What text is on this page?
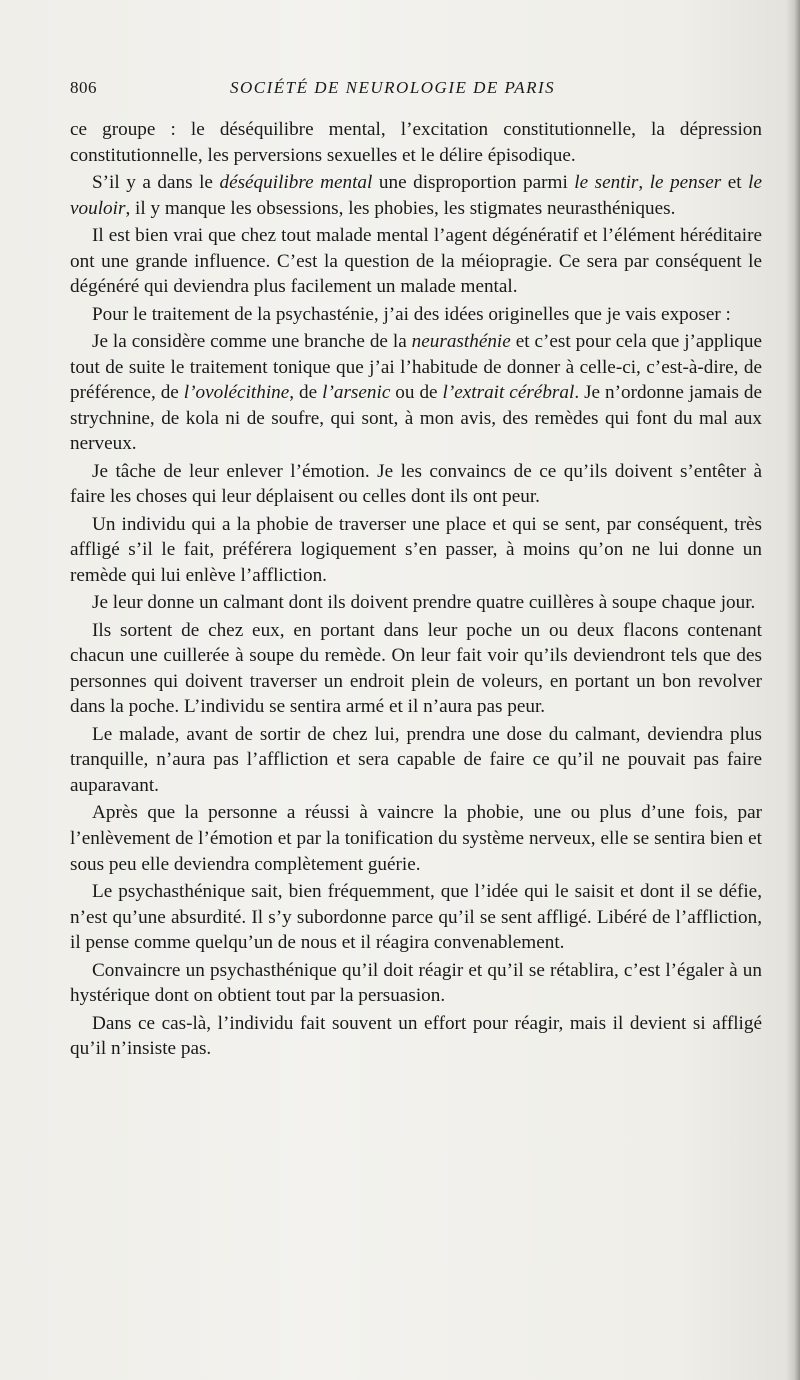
806	SOCIÉTÉ DE NEUROLOGIE DE PARIS

ce groupe : le déséquilibre mental, l’excitation constitutionnelle, la dépression constitutionnelle, les perversions sexuelles et le délire épisodique.

S’il y a dans le déséquilibre mental une disproportion parmi le sentir, le penser et le vouloir, il y manque les obsessions, les phobies, les stigmates neurasthéniques.

Il est bien vrai que chez tout malade mental l’agent dégénératif et l’élément héréditaire ont une grande influence. C’est la question de la méiopragie. Ce sera par conséquent le dégénéré qui deviendra plus facilement un malade mental.

Pour le traitement de la psychasténie, j’ai des idées originelles que je vais exposer :

Je la considère comme une branche de la neurasthénie et c’est pour cela que j’applique tout de suite le traitement tonique que j’ai l’habitude de donner à celle-ci, c’est-à-dire, de préférence, de l’ovolécithine, de l’arsenic ou de l’extrait cérébral. Je n’ordonne jamais de strychnine, de kola ni de soufre, qui sont, à mon avis, des remèdes qui font du mal aux nerveux.

Je tâche de leur enlever l’émotion. Je les convaincs de ce qu’ils doivent s’entêter à faire les choses qui leur déplaisent ou celles dont ils ont peur.

Un individu qui a la phobie de traverser une place et qui se sent, par conséquent, très affligé s’il le fait, préférera logiquement s’en passer, à moins qu’on ne lui donne un remède qui lui enlève l’affliction.

Je leur donne un calmant dont ils doivent prendre quatre cuillères à soupe chaque jour.

Ils sortent de chez eux, en portant dans leur poche un ou deux flacons contenant chacun une cuillerée à soupe du remède. On leur fait voir qu’ils deviendront tels que des personnes qui doivent traverser un endroit plein de voleurs, en portant un bon revolver dans la poche. L’individu se sentira armé et il n’aura pas peur.

Le malade, avant de sortir de chez lui, prendra une dose du calmant, deviendra plus tranquille, n’aura pas l’affliction et sera capable de faire ce qu’il ne pouvait pas faire auparavant.

Après que la personne a réussi à vaincre la phobie, une ou plus d’une fois, par l’enlèvement de l’émotion et par la tonification du système nerveux, elle se sentira bien et sous peu elle deviendra complètement guérie.

Le psychasthénique sait, bien fréquemment, que l’idée qui le saisit et dont il se défie, n’est qu’une absurdité. Il s’y subordonne parce qu’il se sent affligé. Libéré de l’affliction, il pense comme quelqu’un de nous et il réagira convenablement.

Convaincre un psychasthénique qu’il doit réagir et qu’il se rétablira, c’est l’égaler à un hystérique dont on obtient tout par la persuasion.

Dans ce cas-là, l’individu fait souvent un effort pour réagir, mais il devient si affligé qu’il n’insiste pas.
